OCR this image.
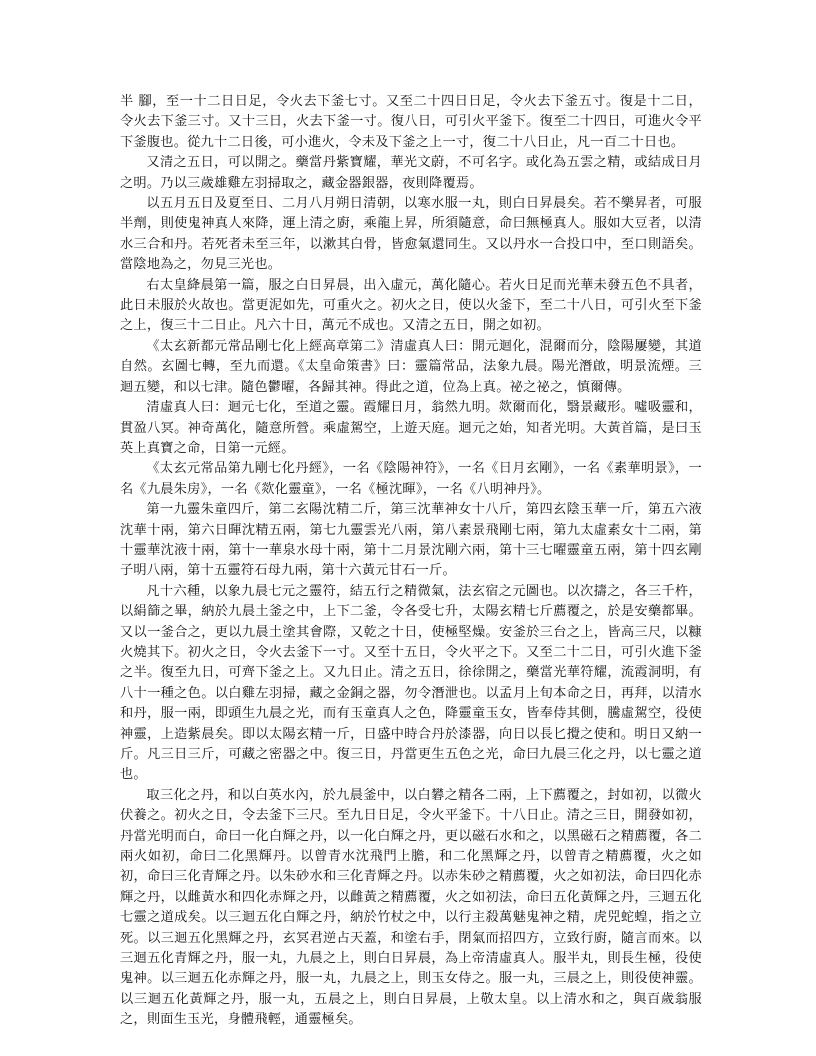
半 腳，至一十二日日足，令火去下釜七寸。又至二十四日日足，令火去下釜五寸。復是十二日，令火去下釜三寸。又十三日，火去下釜一寸。復八日，可引火平釜下。復至二十四日，可進火令平下釜腹也。從九十二日後，可小進火，令未及下釜之上一寸，復二十八日止，凡一百二十日也。

又清之五日，可以開之。藥當丹紫寶耀，華光文蔚，不可名字。或化為五雲之精，或結成日月之明。乃以三歲雄雞左羽掃取之，藏金器銀器，夜則降覆焉。

以五月五日及夏至日、二月八月朔日清朝，以寒水服一丸，則白日昇晨矣。若不樂昇者，可服半劑，則使鬼神真人來降，運上清之廚，乘龍上昇，所須隨意，命曰無極真人。服如大豆者，以清水三合和丹。若死者未至三年，以漱其白骨，皆愈氣還同生。又以丹水一合投口中，至口則語矣。當陰地為之，勿見三光也。

右太皇絳晨第一篇，服之白日昇晨，出入虛元，萬化隨心。若火日足而光華未發五色不具者，此日未服於火故也。當更泥如先，可重火之。初火之日，使以火釜下，至二十八日，可引火至下釜之上，復三十二日止。凡六十日，萬元不成也。又清之五日，開之如初。

《太玄新都元常品剛七化上經高章第二》清虛真人曰：開元迴化，混爾而分，陰陽屢變，其道自然。玄圖七轉，至九而還。《太皇命策書》曰：靈篇常品，法象九晨。陽光潛啟，明景流煙。三迴五變，和以七津。隨色鬱曜，各歸其神。得此之道，位為上真。祕之祕之，慎爾傳。

清虛真人曰：迴元七化，至道之靈。霞耀日月，翁然九明。欻爾而化，翳景藏形。噓吸靈和，貫盈八冥。神奇萬化，隨意所營。乘虛駕空，上遊天庭。迴元之始，知者光明。大黃首篇，是曰玉英上真寶之命，日第一元經。

《太玄元常品第九剛七化丹經》，一名《陰陽神符》，一名《日月玄剛》，一名《素華明景》，一名《九晨朱房》，一名《欻化靈童》，一名《極沈暉》，一名《八明神丹》。

第一九靈朱童四斤，第二玄陽沈精二斤，第三沈華神女十八斤，第四玄陰玉華一斤，第五六液沈華十兩，第六日暉沈精五兩，第七九靈雲光八兩，第八素景飛剛七兩，第九太虛素女十二兩，第十靈華沈液十兩，第十一華泉水母十兩，第十二月景沈剛六兩，第十三七曜靈童五兩，第十四玄剛子明八兩，第十五靈符石母九兩，第十六黃元甘石一斤。

凡十六種，以象九晨七元之靈符，結五行之精微氣，法玄宿之元圖也。以次擣之，各三千杵，以絹篩之畢，納於九晨土釜之中，上下二釜，令各受七升，太陽玄精七斤薦覆之，於是安藥都畢。又以一釜合之，更以九晨土塗其會際，又乾之十日，使極堅燥。安釜於三台之上，皆高三尺，以糠火燒其下。初火之日，令火去釜下一寸。又至十五日，令火平之下。又至二十二日，可引火進下釜之半。復至九日，可齊下釜之上。又九日止。清之五日，徐徐開之，藥當光華符耀，流霞洞明，有八十一種之色。以白雞左羽掃，藏之金銅之器，勿令潛泄也。以孟月上旬本命之日，再拜，以清水和丹，服一兩，即頭生九晨之光，而有玉童真人之色，降靈童玉女，皆奉侍其側，騰虛駕空，役使神靈，上造紫晨矣。即以太陽玄精一斤，日盛中時合丹於漆器，向日以長匕攪之使和。明日又納一斤。凡三日三斤，可藏之密器之中。復三日，丹當更生五色之光，命曰九晨三化之丹，以七靈之道也。

取三化之丹，和以白英水內，於九晨釜中，以白礬之精各二兩，上下薦覆之，封如初，以微火伏養之。初火之日，令去釜下三尺。至九日日足，令火平釜下。十八日止。清之三日，開發如初，丹當光明而白，命曰一化白輝之丹，以一化白輝之丹，更以磁石水和之，以黑磁石之精薦覆，各二兩火如初，命曰二化黑輝丹。以曾青水沈飛門上膽，和二化黑輝之丹，以曾青之精薦覆，火之如初，命曰三化青輝之丹。以朱砂水和三化青輝之丹。以赤朱砂之精薦覆，火之如初法，命曰四化赤輝之丹，以雌黃水和四化赤輝之丹，以雌黃之精薦覆，火之如初法，命曰五化黃輝之丹，三迴五化七靈之道成矣。以三迴五化白輝之丹，納於竹杖之中，以行主殺萬魅鬼神之精，虎兕蛇蝗，指之立死。以三迴五化黑輝之丹，玄冥君逆占天蓋，和塗右手，閉氣而招四方，立致行廚，隨言而來。以三迴五化青輝之丹，服一丸，九晨之上，則白日昇晨，為上帝清虛真人。服半丸，則長生極，役使鬼神。以三迴五化赤輝之丹，服一丸，九晨之上，則玉女侍之。服一丸，三晨之上，則役使神靈。以三迴五化黃輝之丹，服一丸，五晨之上，則白日昇晨，上敬太皇。以上清水和之，與百歲翁服之，則面生玉光，身體飛輕，通靈極矣。
